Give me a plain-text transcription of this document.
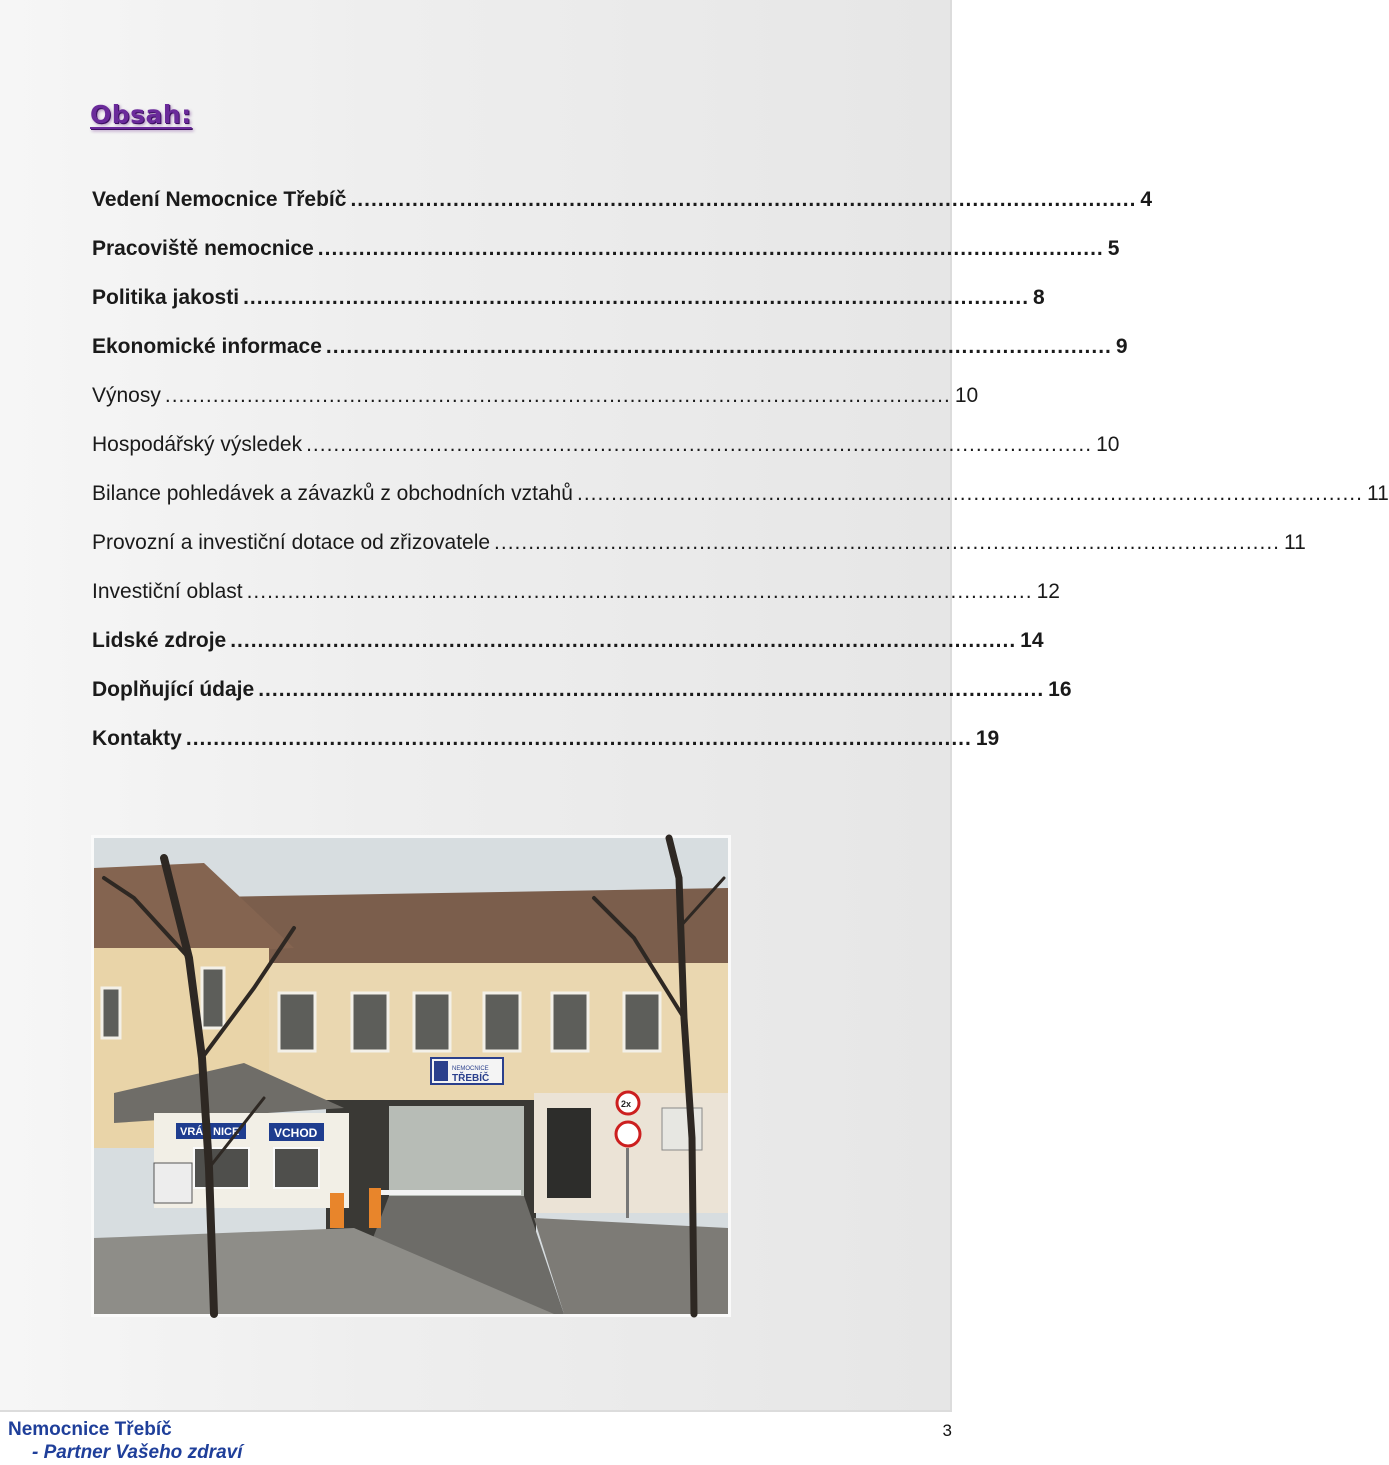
Obsah:
Vedení Nemocnice Třebíč ................................................................................................................... 4
Pracoviště nemocnice ................................................................................................................... 5
Politika jakosti ................................................................................................................... 8
Ekonomické informace ................................................................................................................... 9
Výnosy ................................................................................................................... 10
Hospodářský výsledek ................................................................................................................... 10
Bilance pohledávek a závazků z obchodních vztahů ................................................................................................................... 11
Provozní a investiční dotace od zřizovatele ................................................................................................................... 11
Investiční oblast ................................................................................................................... 12
Lidské zdroje ................................................................................................................... 14
Doplňující údaje ................................................................................................................... 16
Kontakty ................................................................................................................... 19
NEMOCNICE
TŘEBÍČ
2x
VRÁT NICE	VCHOD
Nemocnice Třebíč
- Partner Vašeho zdraví
3
